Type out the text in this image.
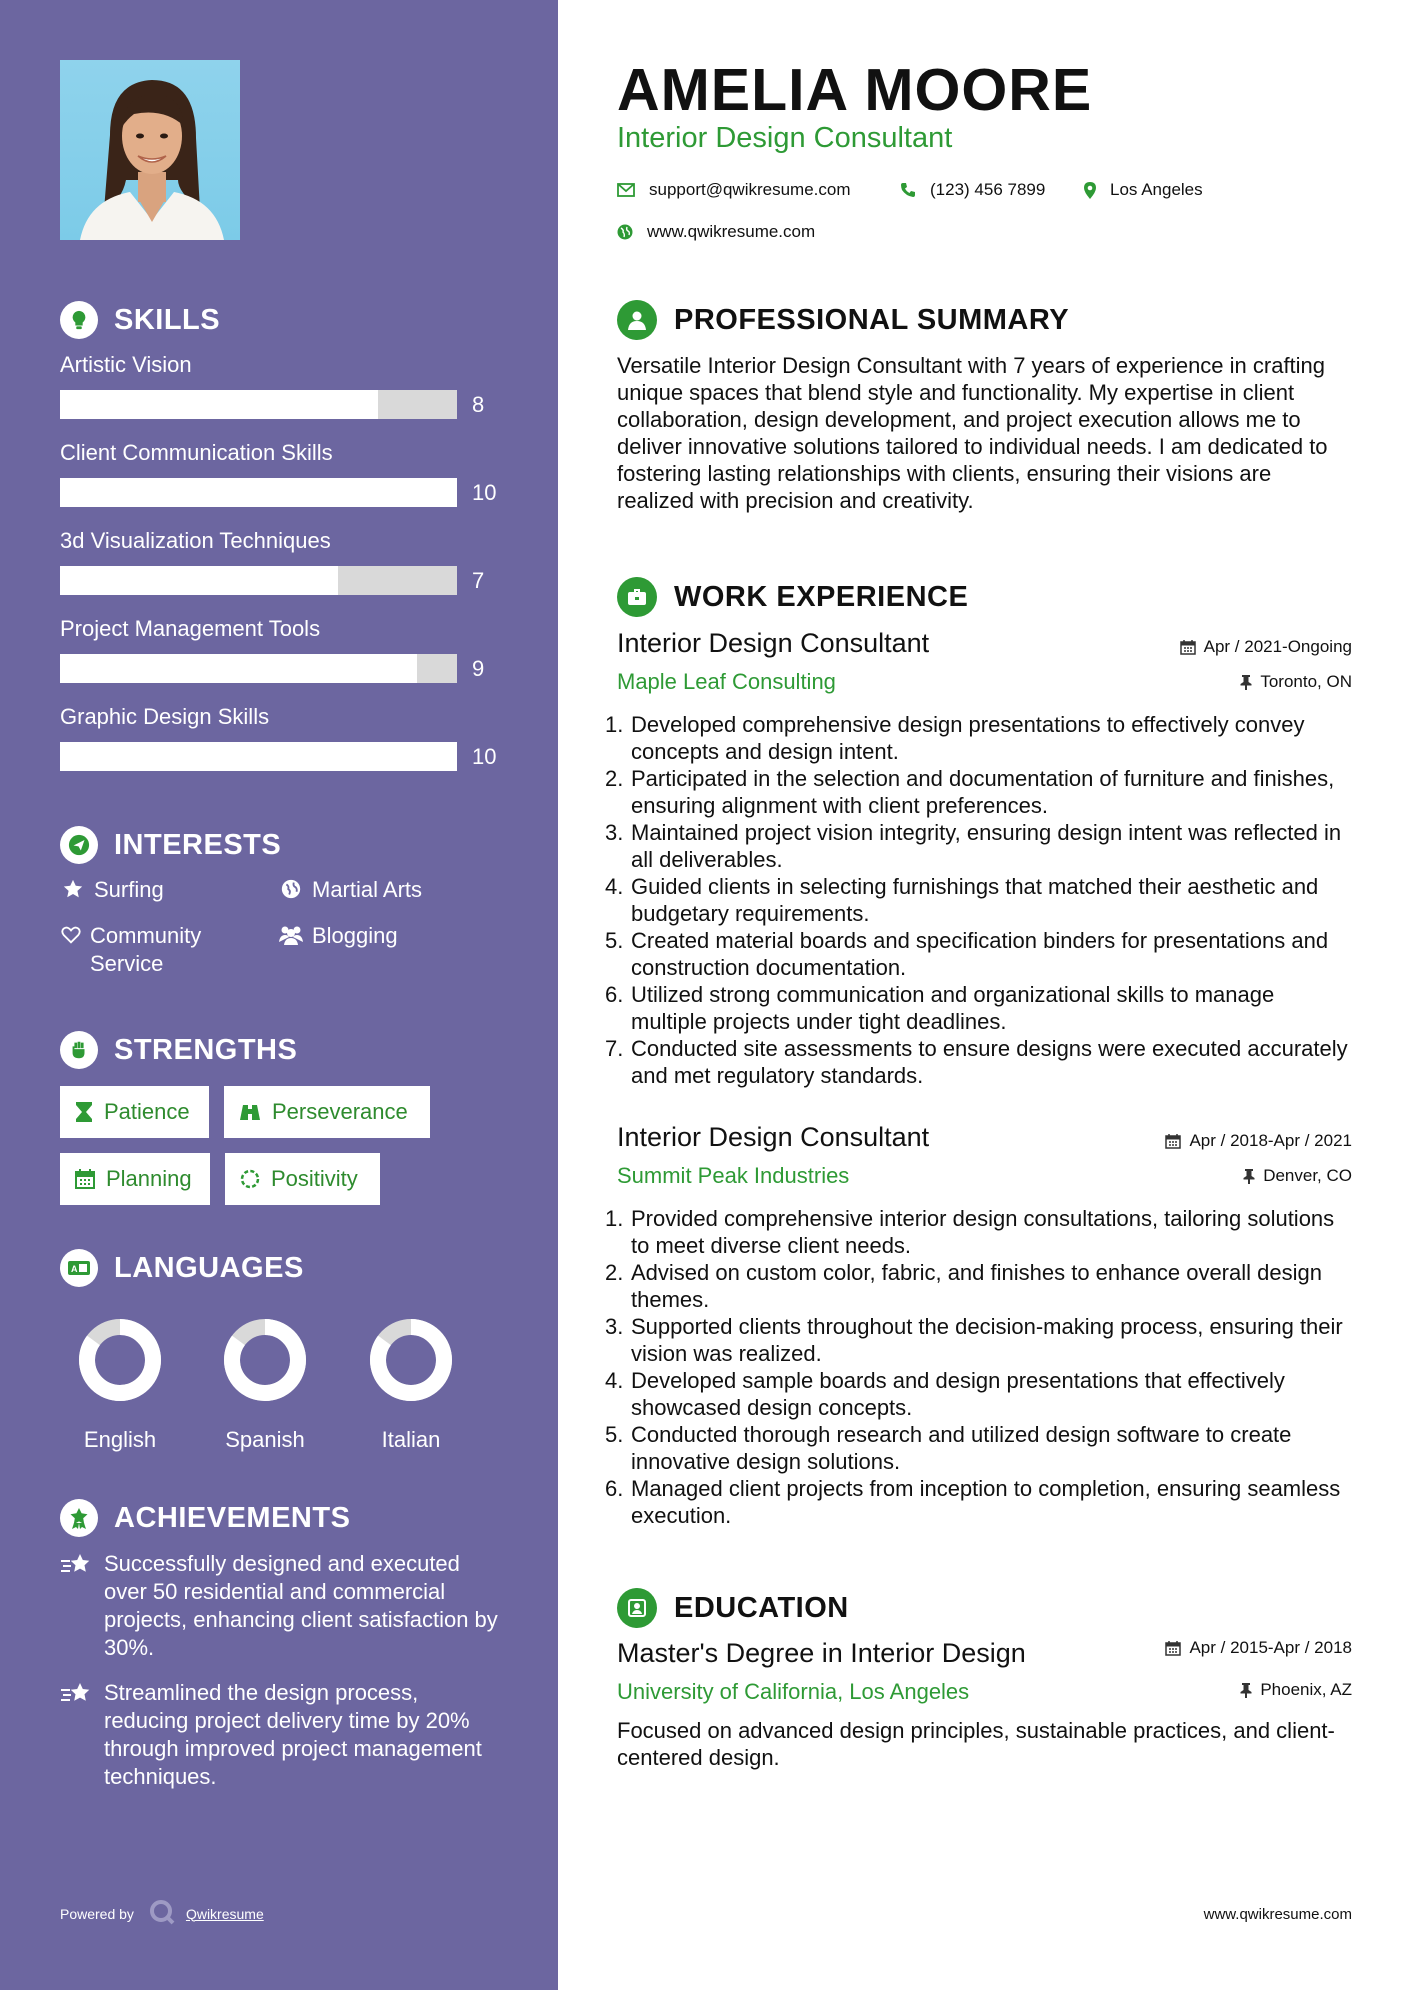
SKILLS
Artistic Vision
8
Client Communication Skills
10
3d Visualization Techniques
7
Project Management Tools
9
Graphic Design Skills
10
INTERESTS
Surfing	Martial Arts
Community Service
Blogging
STRENGTHS
Patience	Perseverance
Planning	Positivity
A LANGUAGES
English	Spanish	Italian
ACHIEVEMENTS
Successfully designed and executed over 50 residential and commercial projects, enhancing client satisfaction by 30%.
Streamlined the design process, reducing project delivery time by 20% through improved project management techniques.
Powered by	Qwikresume
AMELIA MOORE
Interior Design Consultant
support@qwikresume.com	(123) 456 7899	Los Angeles
www.qwikresume.com
PROFESSIONAL SUMMARY
Versatile Interior Design Consultant with 7 years of experience in crafting unique spaces that blend style and functionality. My expertise in client collaboration, design development, and project execution allows me to deliver innovative solutions tailored to individual needs. I am dedicated to fostering lasting relationships with clients, ensuring their visions are realized with precision and creativity.
WORK EXPERIENCE
Interior Design Consultant	Apr / 2021-Ongoing
Maple Leaf Consulting	Toronto, ON
1. Developed comprehensive design presentations to effectively convey concepts and design intent.
2. Participated in the selection and documentation of furniture and finishes, ensuring alignment with client preferences.
3. Maintained project vision integrity, ensuring design intent was reflected in all deliverables.
4. Guided clients in selecting furnishings that matched their aesthetic and budgetary requirements.
5. Created material boards and specification binders for presentations and construction documentation.
6. Utilized strong communication and organizational skills to manage multiple projects under tight deadlines.
7. Conducted site assessments to ensure designs were executed accurately and met regulatory standards.
Interior Design Consultant	Apr / 2018-Apr / 2021
Summit Peak Industries	Denver, CO
1. Provided comprehensive interior design consultations, tailoring solutions to meet diverse client needs.
2. Advised on custom color, fabric, and finishes to enhance overall design themes.
3. Supported clients throughout the decision-making process, ensuring their vision was realized.
4. Developed sample boards and design presentations that effectively showcased design concepts.
5. Conducted thorough research and utilized design software to create innovative design solutions.
6. Managed client projects from inception to completion, ensuring seamless execution.
EDUCATION
Master's Degree in Interior Design	Apr / 2015-Apr / 2018
University of California, Los Angeles	Phoenix, AZ
Focused on advanced design principles, sustainable practices, and client-centered design.
www.qwikresume.com
